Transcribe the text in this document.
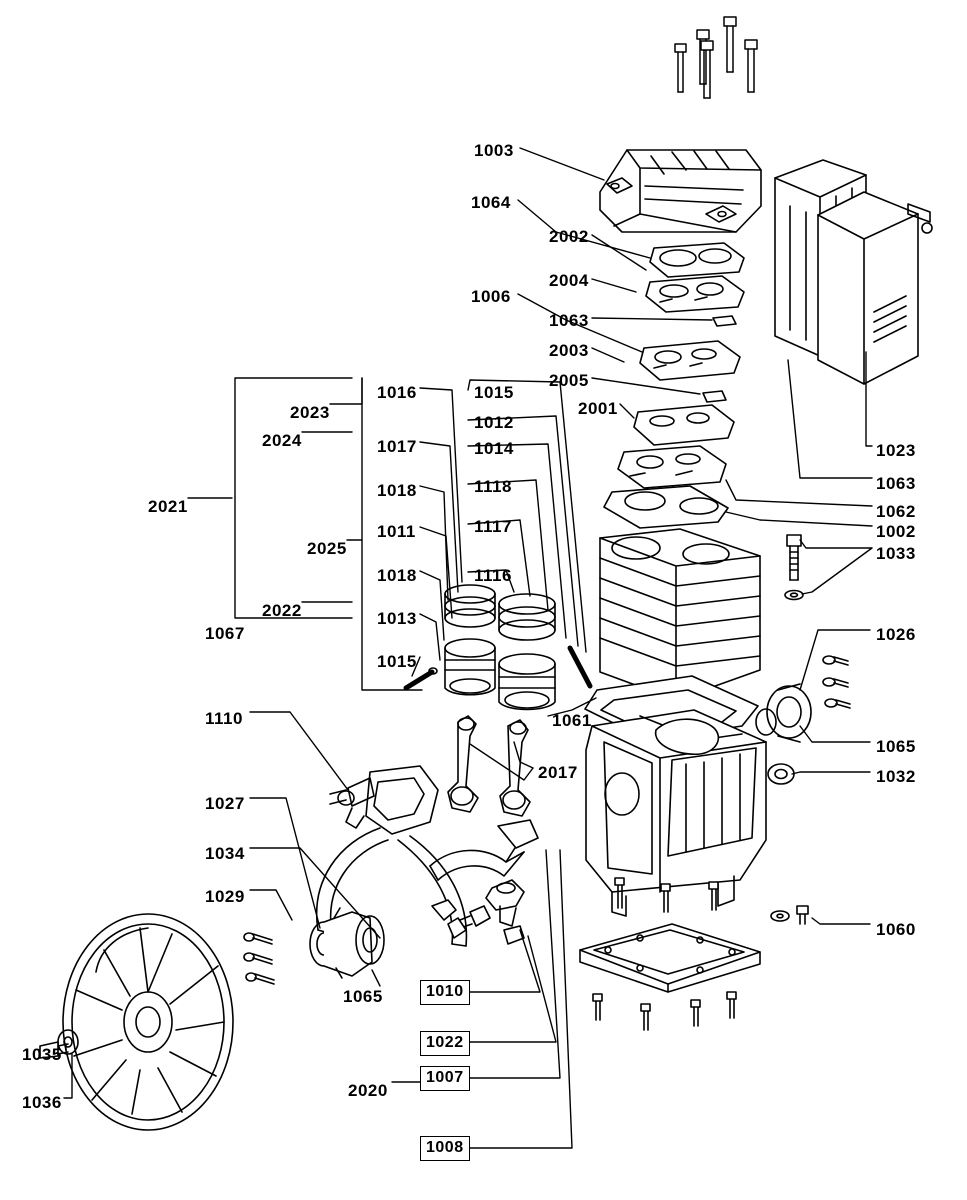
1003
1064
2002
2004
1006
1063
2003
2005
2001
1023
1063
1062
1002
1033
1016	1015
2023
1012
2024	1017	1014
1018	1118
2021
1011	1117
2025
1018	1116
2022	1013
1067
1015
1026
1061
1065
1110
2017	1032
1027
1034
1029
1060
1065
1035
1036
2020
1010
1022
1007
1008
